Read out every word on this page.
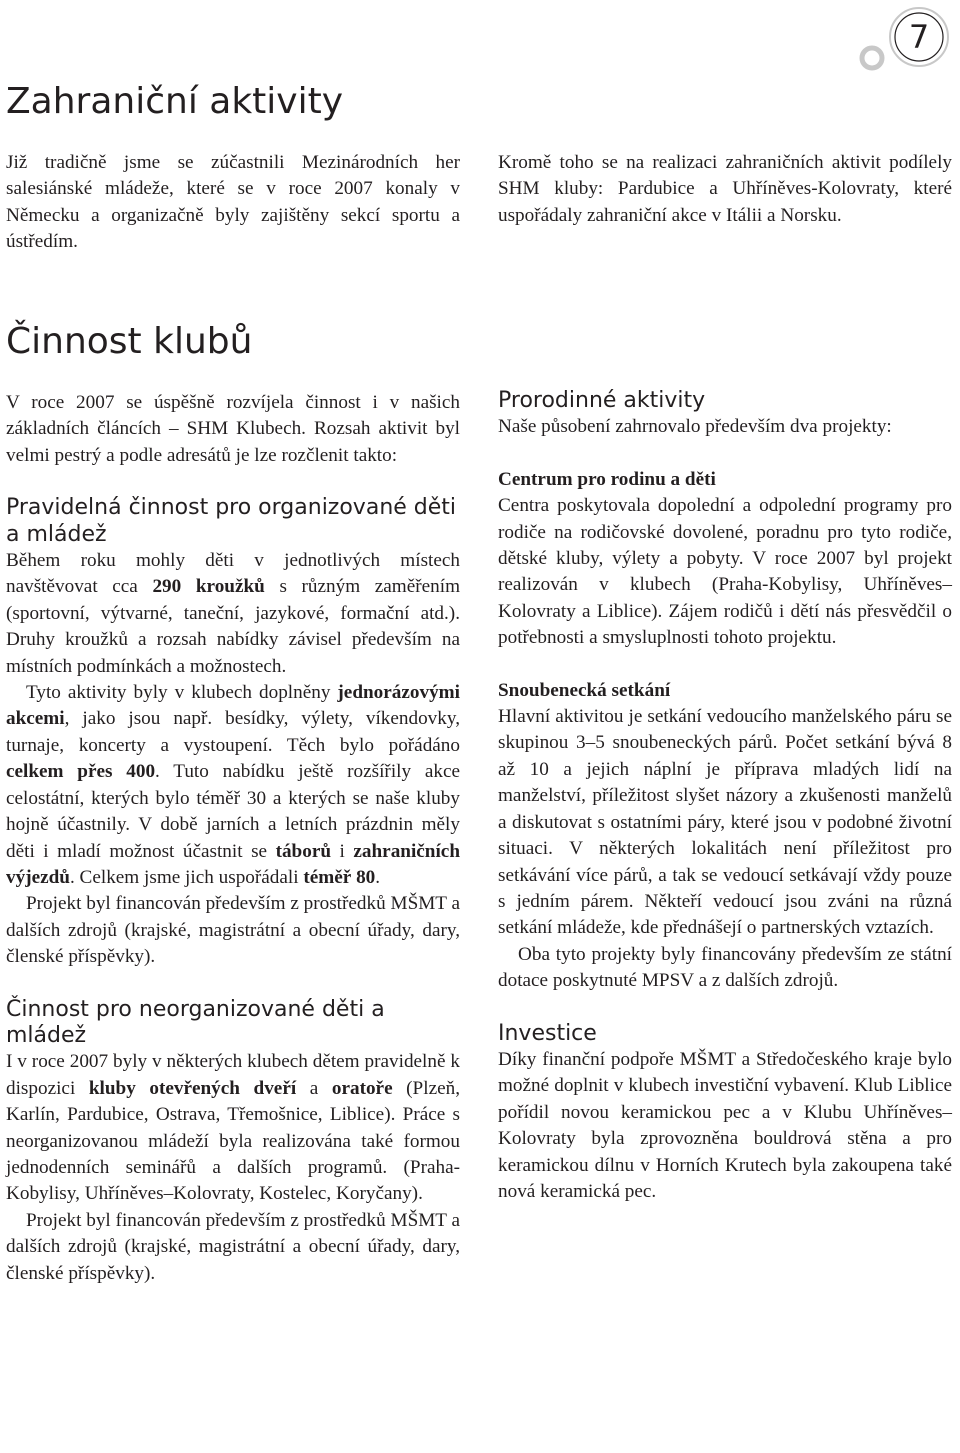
7
Zahraniční aktivity

Již tradičně jsme se zúčastnili Mezinárodních her salesiánské mládeže, které se v roce 2007 konaly v Německu a organizačně byly zajištěny sekcí sportu a ústředím.

Kromě toho se na realizaci zahraničních aktivit podílely SHM kluby: Pardubice a Uhříněves-Kolovraty, které uspořádaly zahraniční akce v Itálii a Norsku.

Činnost klubů

V roce 2007 se úspěšně rozvíjela činnost i v našich základních článcích – SHM Klubech. Rozsah aktivit byl velmi pestrý a podle adresátů je lze rozčlenit takto:

Pravidelná činnost pro organizované děti a mládež

Během roku mohly děti v jednotlivých místech navštěvovat cca 290 kroužků s různým zaměřením (sportovní, výtvarné, taneční, jazykové, formační atd.). Druhy kroužků a rozsah nabídky závisel především na místních podmínkách a možnostech.

Tyto aktivity byly v klubech doplněny jednorázovými akcemi, jako jsou např. besídky, výlety, víkendovky, turnaje, koncerty a vystoupení. Těch bylo pořádáno celkem přes 400. Tuto nabídku ještě rozšířily akce celostátní, kterých bylo téměř 30 a kterých se naše kluby hojně účastnily. V době jarních a letních prázdnin měly děti i mladí možnost účastnit se táborů i zahraničních výjezdů. Celkem jsme jich uspořádali téměř 80.

Projekt byl financován především z prostředků MŠMT a dalších zdrojů (krajské, magistrátní a obecní úřady, dary, členské příspěvky).

Činnost pro neorganizované děti a mládež

I v roce 2007 byly v některých klubech dětem pravidelně k dispozici kluby otevřených dveří a oratoře (Plzeň, Karlín, Pardubice, Ostrava, Třemošnice, Liblice). Práce s neorganizovanou mládeží byla realizována také formou jednodenních seminářů a dalších programů. (Praha-Kobylisy, Uhříněves–Kolovraty, Kostelec, Koryčany).

Projekt byl financován především z prostředků MŠMT a dalších zdrojů (krajské, magistrátní a obecní úřady, dary, členské příspěvky).

Prorodinné aktivity

Naše působení zahrnovalo především dva projekty:

Centrum pro rodinu a děti

Centra poskytovala dopolední a odpolední programy pro rodiče na rodičovské dovolené, poradnu pro tyto rodiče, dětské kluby, výlety a pobyty. V roce 2007 byl projekt realizován v klubech (Praha-Kobylisy, Uhříněves–Kolovraty a Liblice). Zájem rodičů i dětí nás přesvědčil o potřebnosti a smysluplnosti tohoto projektu.

Snoubenecká setkání

Hlavní aktivitou je setkání vedoucího manželského páru se skupinou 3–5 snoubeneckých párů. Počet setkání bývá 8 až 10 a jejich náplní je příprava mladých lidí na manželství, příležitost slyšet názory a zkušenosti manželů a diskutovat s ostatními páry, které jsou v podobné životní situaci. V některých lokalitách není příležitost pro setkávání více párů, a tak se vedoucí setkávají vždy pouze s jedním párem. Někteří vedoucí jsou zváni na různá setkání mládeže, kde přednášejí o partnerských vztazích.

Oba tyto projekty byly financovány především ze státní dotace poskytnuté MPSV a z dalších zdrojů.

Investice

Díky finanční podpoře MŠMT a Středočeského kraje bylo možné doplnit v klubech investiční vybavení. Klub Liblice pořídil novou keramickou pec a v Klubu Uhříněves–Kolovraty byla zprovozněna bouldrová stěna a pro keramickou dílnu v Horních Krutech byla zakoupena také nová keramická pec.
